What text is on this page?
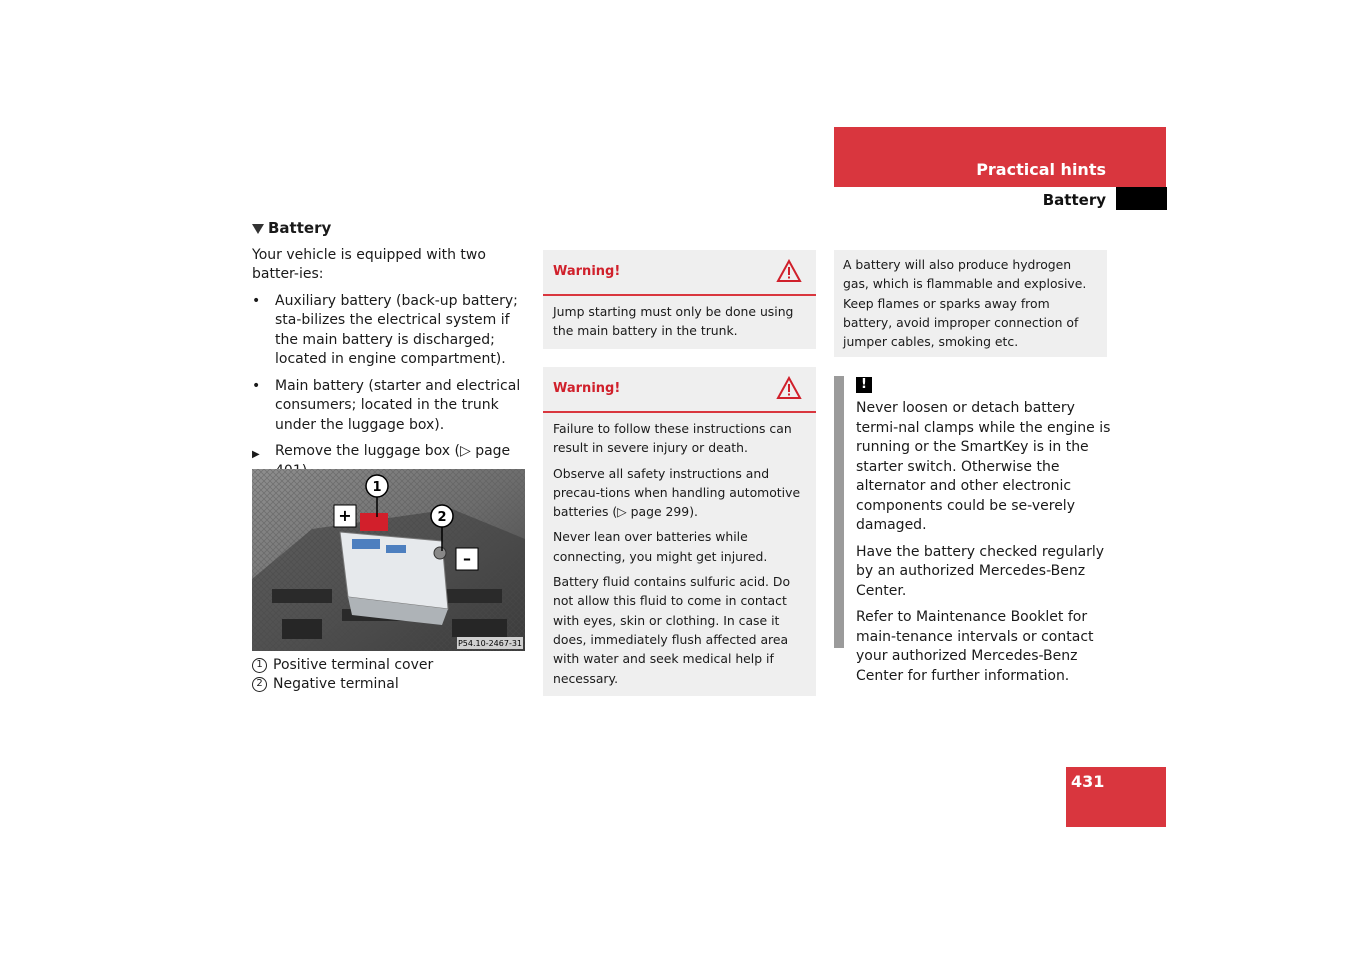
Practical hints
Battery
Battery

Your vehicle is equipped with two batter-ies:

•	Auxiliary battery (back-up battery; sta-bilizes the electrical system if the main battery is discharged; located in engine compartment).
•	Main battery (starter and electrical consumers; located in the trunk under the luggage box).
▶	Remove the luggage box (▷ page
1
2
+
–
P54.10-2467-31
1 Positive terminal cover
2 Negative terminal
Warning!

Jump starting must only be done using the main battery in the trunk.

Warning!

Failure to follow these instructions can result in severe injury or death.

Observe all safety instructions and precau-tions when handling automotive batteries (▷ page 299).

Never lean over batteries while connecting, you might get injured.

Battery fluid contains sulfuric acid. Do not allow this fluid to come in contact with eyes, skin or clothing. In case it does, immediately flush affected area with water and seek medical help if necessary.

A battery will also produce hydrogen gas, which is flammable and explosive. Keep flames or sparks away from battery, avoid improper connection of jumper cables, smoking etc.
!

Never loosen or detach battery termi-nal clamps while the engine is running or the SmartKey is in the starter switch. Otherwise the alternator and other electronic components could be se-verely damaged.

Have the battery checked regularly by an authorized Mercedes-Benz Center.

Refer to Maintenance Booklet for main-tenance intervals or contact your authorized Mercedes-Benz Center for further information.

431
